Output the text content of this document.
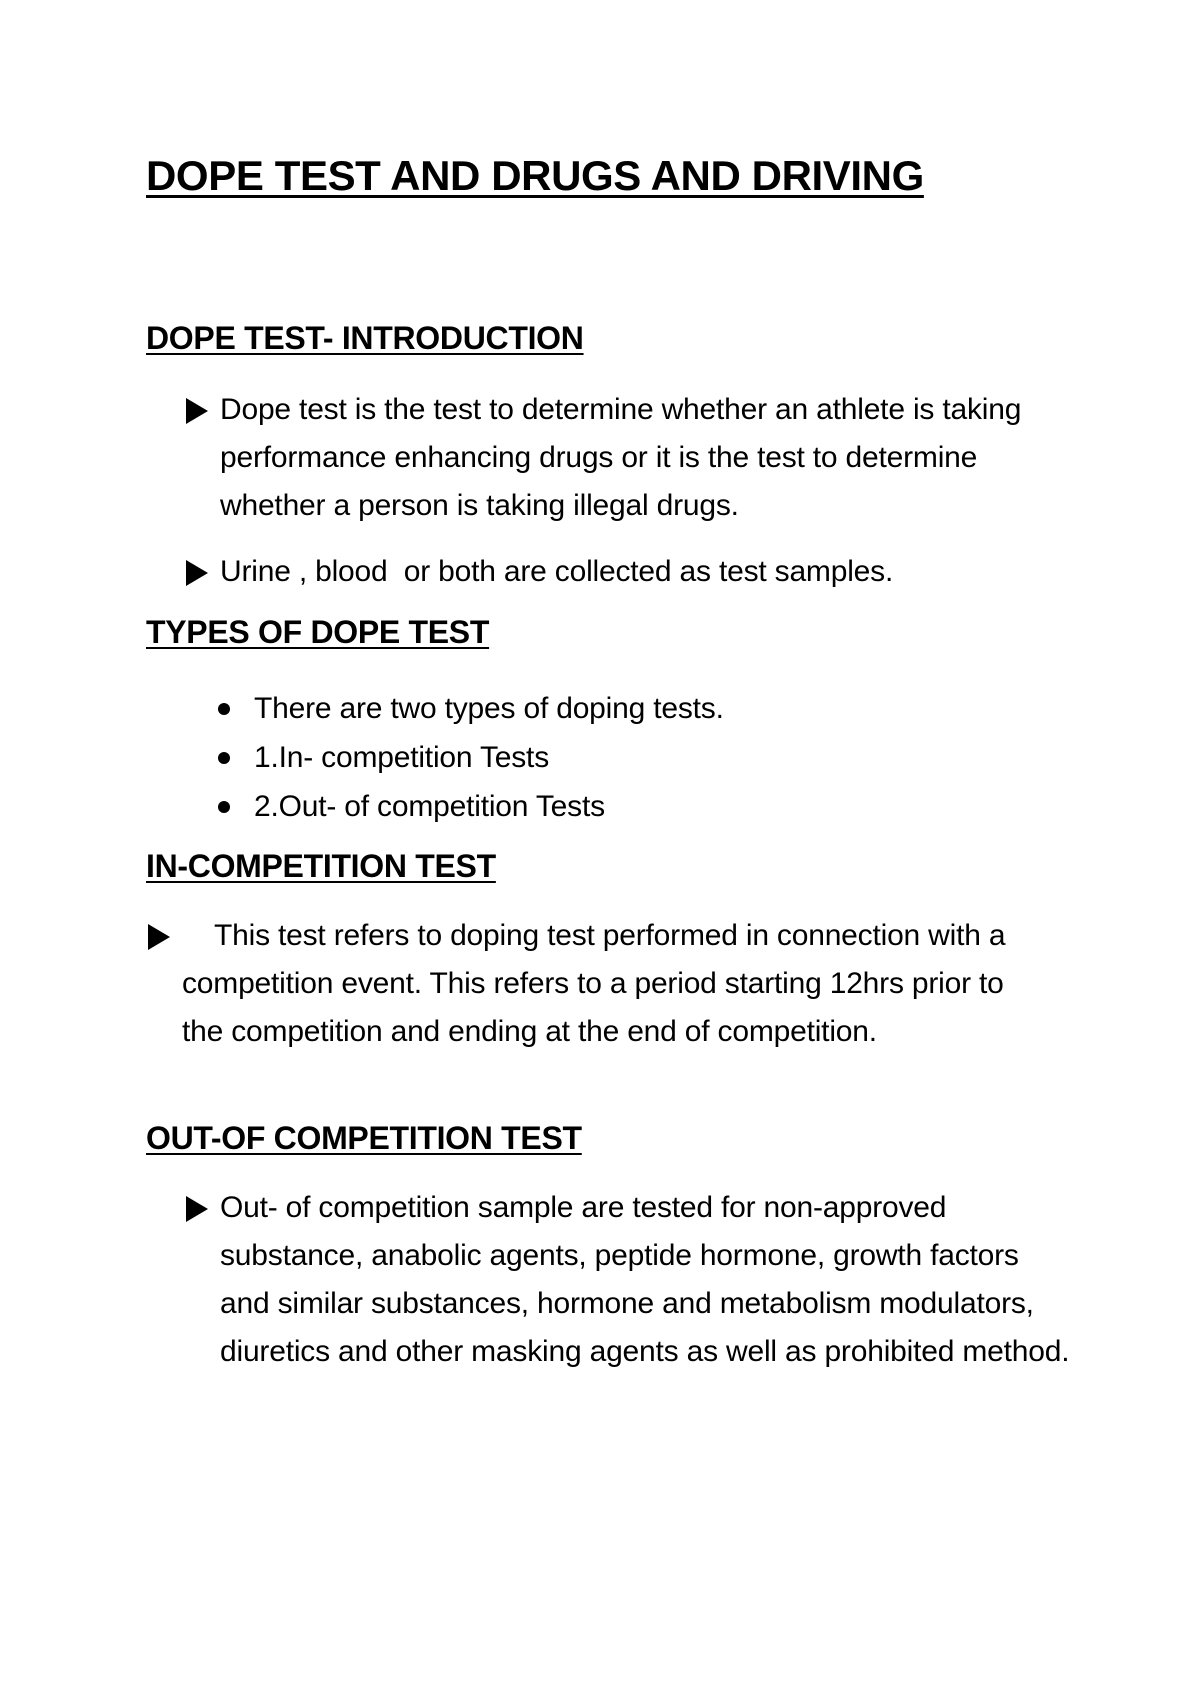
DOPE TEST AND DRUGS AND DRIVING
DOPE TEST- INTRODUCTION
Dope test is the test to determine whether an athlete is taking performance enhancing drugs or it is the test to determine whether a person is taking illegal drugs.
Urine , blood  or both are collected as test samples.
TYPES OF DOPE TEST
There are two types of doping tests.
1.In- competition Tests
2.Out- of competition Tests
IN-COMPETITION TEST
This test refers to doping test performed in connection with a competition event. This refers to a period starting 12hrs prior to the competition and ending at the end of competition.
OUT-OF COMPETITION TEST
Out- of competition sample are tested for non-approved substance, anabolic agents, peptide hormone, growth factors and similar substances, hormone and metabolism modulators, diuretics and other masking agents as well as prohibited method.
